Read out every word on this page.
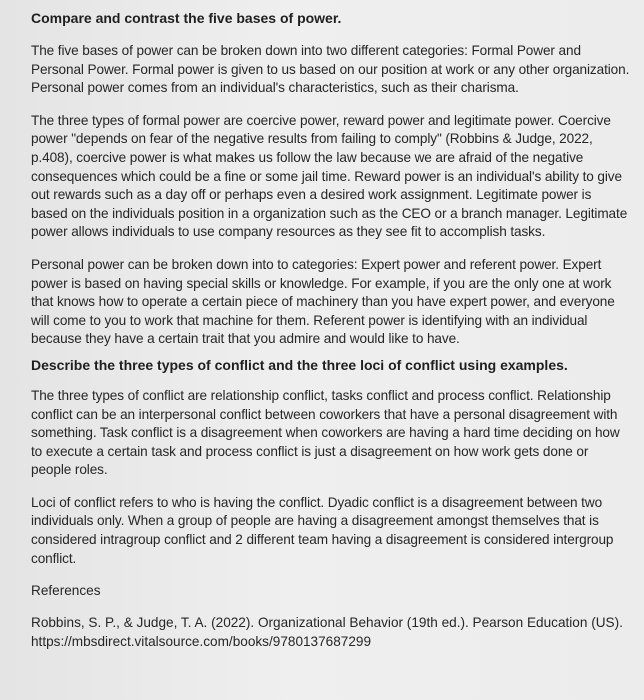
Compare and contrast the five bases of power.

The five bases of power can be broken down into two different categories: Formal Power and Personal Power. Formal power is given to us based on our position at work or any other organization. Personal power comes from an individual's characteristics, such as their charisma.

The three types of formal power are coercive power, reward power and legitimate power. Coercive power "depends on fear of the negative results from failing to comply" (Robbins & Judge, 2022, p.408), coercive power is what makes us follow the law because we are afraid of the negative consequences which could be a fine or some jail time. Reward power is an individual's ability to give out rewards such as a day off or perhaps even a desired work assignment. Legitimate power is based on the individuals position in a organization such as the CEO or a branch manager. Legitimate power allows individuals to use company resources as they see fit to accomplish tasks.

Personal power can be broken down into to categories: Expert power and referent power. Expert power is based on having special skills or knowledge. For example, if you are the only one at work that knows how to operate a certain piece of machinery than you have expert power, and everyone will come to you to work that machine for them. Referent power is identifying with an individual because they have a certain trait that you admire and would like to have.

Describe the three types of conflict and the three loci of conflict using examples.

The three types of conflict are relationship conflict, tasks conflict and process conflict. Relationship conflict can be an interpersonal conflict between coworkers that have a personal disagreement with something. Task conflict is a disagreement when coworkers are having a hard time deciding on how to execute a certain task and process conflict is just a disagreement on how work gets done or people roles.

Loci of conflict refers to who is having the conflict. Dyadic conflict is a disagreement between two individuals only. When a group of people are having a disagreement amongst themselves that is considered intragroup conflict and 2 different team having a disagreement is considered intergroup conflict.

References

Robbins, S. P., & Judge, T. A. (2022). Organizational Behavior (19th ed.). Pearson Education (US).

https://mbsdirect.vitalsource.com/books/9780137687299
